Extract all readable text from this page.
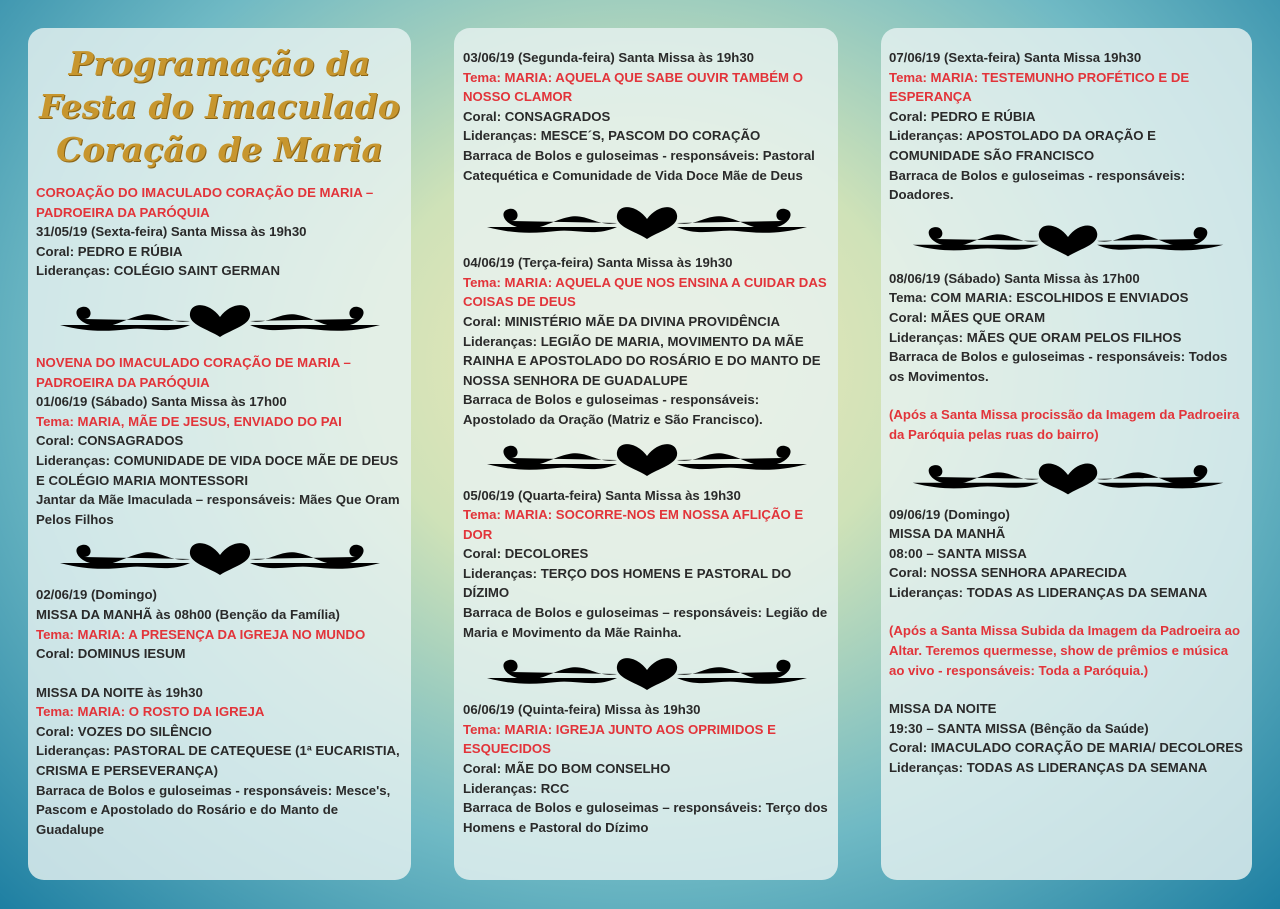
Programação da
Festa do Imaculado
Coração de Maria

COROAÇÃO DO IMACULADO CORAÇÃO DE MARIA – PADROEIRA DA PARÓQUIA

31/05/19 (Sexta-feira) Santa Missa às 19h30

Coral: PEDRO E RÚBIA

Lideranças: COLÉGIO SAINT GERMAN

NOVENA DO IMACULADO CORAÇÃO DE MARIA – PADROEIRA DA PARÓQUIA

01/06/19 (Sábado) Santa Missa às 17h00

Tema: MARIA, MÃE DE JESUS, ENVIADO DO PAI

Coral: CONSAGRADOS

Lideranças: COMUNIDADE DE VIDA DOCE MÃE DE DEUS E COLÉGIO MARIA MONTESSORI

Jantar da Mãe Imaculada – responsáveis: Mães Que Oram Pelos Filhos

02/06/19 (Domingo)

MISSA DA MANHÃ às 08h00 (Benção da Família)

Tema: MARIA: A PRESENÇA DA IGREJA NO MUNDO

Coral: DOMINUS IESUM

MISSA DA NOITE às 19h30

Tema: MARIA: O ROSTO DA IGREJA

Coral: VOZES DO SILÊNCIO

Lideranças: PASTORAL DE CATEQUESE (1ª EUCARISTIA, CRISMA E PERSEVERANÇA)

Barraca de Bolos e guloseimas - responsáveis: Mesce's, Pascom e Apostolado do Rosário e do Manto de Guadalupe

03/06/19 (Segunda-feira) Santa Missa às 19h30

Tema: MARIA: AQUELA QUE SABE OUVIR TAMBÉM O NOSSO CLAMOR

Coral: CONSAGRADOS

Lideranças: MESCE´S, PASCOM DO CORAÇÃO

Barraca de Bolos e guloseimas - responsáveis: Pastoral Catequética e Comunidade de Vida Doce Mãe de Deus

04/06/19 (Terça-feira) Santa Missa às 19h30

Tema: MARIA: AQUELA QUE NOS ENSINA A CUIDAR DAS COISAS DE DEUS

Coral: MINISTÉRIO MÃE DA DIVINA PROVIDÊNCIA

Lideranças: LEGIÃO DE MARIA, MOVIMENTO DA MÃE RAINHA E APOSTOLADO DO ROSÁRIO E DO MANTO DE NOSSA SENHORA DE GUADALUPE

Barraca de Bolos e guloseimas - responsáveis: Apostolado da Oração (Matriz e São Francisco).

05/06/19 (Quarta-feira) Santa Missa às 19h30

Tema: MARIA: SOCORRE-NOS EM NOSSA AFLIÇÃO E DOR

Coral: DECOLORES

Lideranças: TERÇO DOS HOMENS E PASTORAL DO DÍZIMO

Barraca de Bolos e guloseimas – responsáveis: Legião de Maria e Movimento da Mãe Rainha.

06/06/19 (Quinta-feira) Missa às 19h30

Tema: MARIA: IGREJA JUNTO AOS OPRIMIDOS E ESQUECIDOS

Coral: MÃE DO BOM CONSELHO

Lideranças: RCC

Barraca de Bolos e guloseimas – responsáveis: Terço dos Homens e Pastoral do Dízimo

07/06/19 (Sexta-feira) Santa Missa 19h30

Tema: MARIA: TESTEMUNHO PROFÉTICO E DE ESPERANÇA

Coral: PEDRO E RÚBIA

Lideranças: APOSTOLADO DA ORAÇÃO E COMUNIDADE SÃO FRANCISCO

Barraca de Bolos e guloseimas - responsáveis: Doadores.

08/06/19 (Sábado) Santa Missa às 17h00

Tema: COM MARIA: ESCOLHIDOS E ENVIADOS

Coral: MÃES QUE ORAM

Lideranças: MÃES QUE ORAM PELOS FILHOS

Barraca de Bolos e guloseimas - responsáveis: Todos os Movimentos.

(Após a Santa Missa procissão da Imagem da Padroeira da Paróquia pelas ruas do bairro)

09/06/19 (Domingo)

MISSA DA MANHÃ

08:00 – SANTA MISSA

Coral: NOSSA SENHORA APARECIDA

Lideranças: TODAS AS LIDERANÇAS DA SEMANA

(Após a Santa Missa Subida da Imagem da Padroeira ao Altar. Teremos quermesse, show de prêmios e música ao vivo - responsáveis: Toda a Paróquia.)

MISSA DA NOITE

19:30 – SANTA MISSA (Bênção da Saúde)

Coral: IMACULADO CORAÇÃO DE MARIA/ DECOLORES

Lideranças: TODAS AS LIDERANÇAS DA SEMANA
